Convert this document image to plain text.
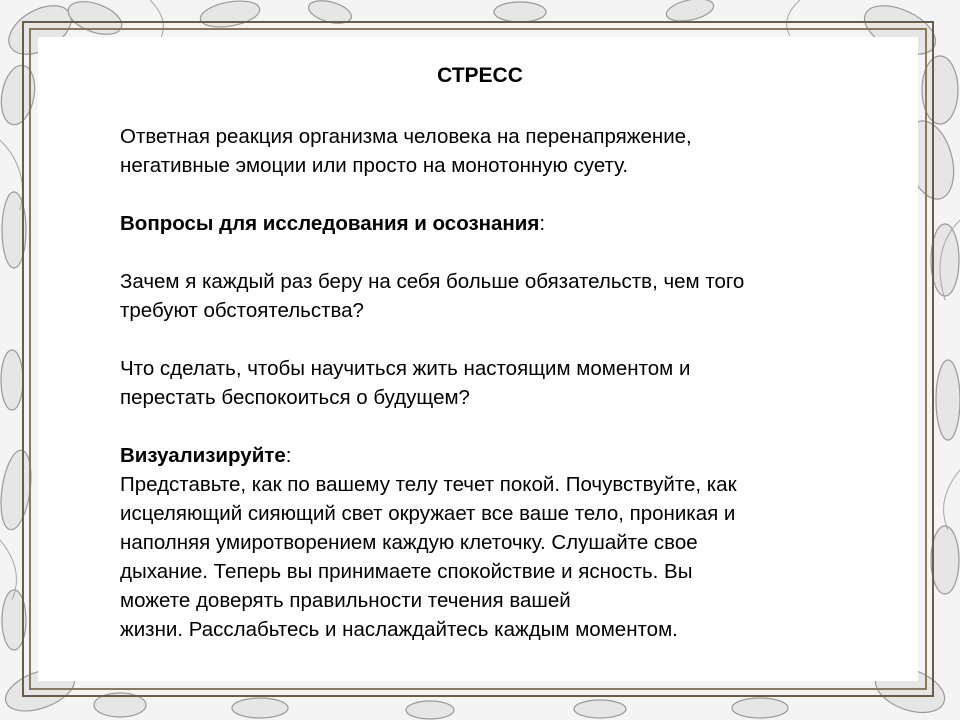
СТРЕСС

Ответная реакция организма человека на перенапряжение,

негативные эмоции или просто на монотонную суету.

Вопросы для исследования и осознания:

Зачем я каждый раз беру на себя больше обязательств, чем того

требуют обстоятельства?

Что сделать, чтобы научиться жить настоящим моментом и

перестать беспокоиться о будущем?

Визуализируйте:

Представьте, как по вашему телу течет покой. Почувствуйте, как

исцеляющий сияющий свет окружает все ваше тело, проникая и

наполняя умиротворением каждую клеточку. Слушайте свое

дыхание. Теперь вы принимаете спокойствие и ясность. Вы

можете доверять правильности течения вашей

жизни. Расслабьтесь и наслаждайтесь каждым моментом.
